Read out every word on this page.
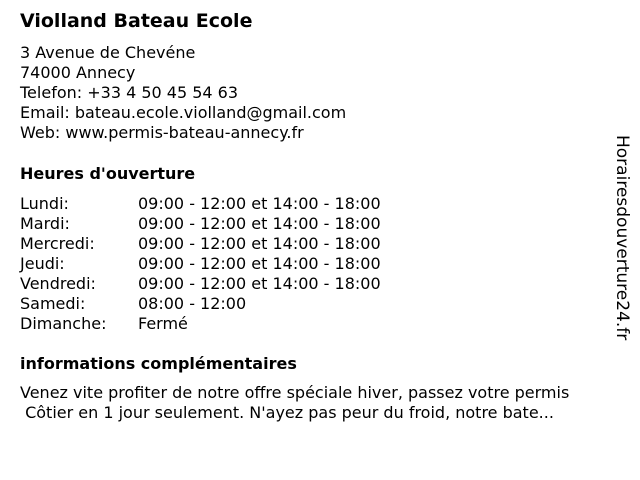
Violland Bateau Ecole
3 Avenue de Chevéne
74000 Annecy
Telefon: +33 4 50 45 54 63
Email: bateau.ecole.violland@gmail.com
Web: www.permis-bateau-annecy.fr
Heures d'ouverture
Lundi:	09:00 - 12:00 et 14:00 - 18:00
Mardi:	09:00 - 12:00 et 14:00 - 18:00
Mercredi:	09:00 - 12:00 et 14:00 - 18:00
Jeudi:	09:00 - 12:00 et 14:00 - 18:00
Vendredi:	09:00 - 12:00 et 14:00 - 18:00
Samedi:	08:00 - 12:00
Dimanche:	Fermé
informations complémentaires
Venez vite profiter de notre offre spéciale hiver, passez votre permis
Côtier en 1 jour seulement. N'ayez pas peur du froid, notre bate...
Horairesdouverture24.fr
